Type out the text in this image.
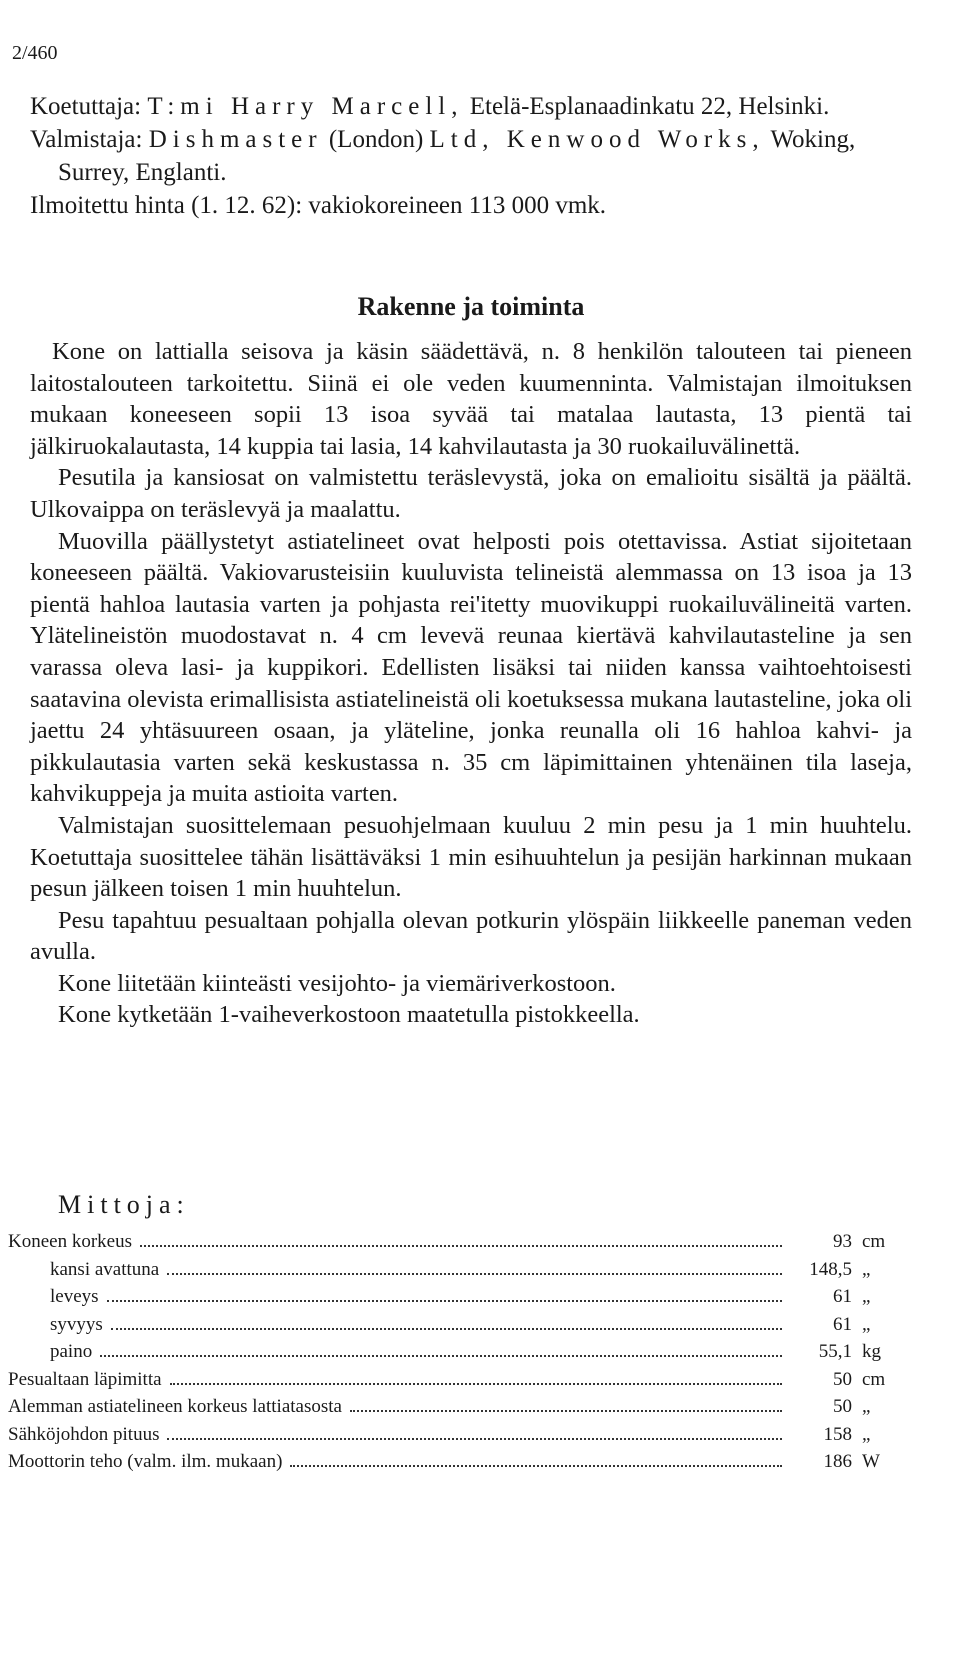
2/460

Koetuttaja: T:mi Harry Marcell, Etelä-Esplanaadinkatu 22, Helsinki.

Valmistaja: Dishmaster (London) Ltd, Kenwood Works, Woking, Surrey, Englanti.

Ilmoitettu hinta (1. 12. 62): vakiokoreineen 113 000 vmk.

Rakenne ja toiminta

Kone on lattialla seisova ja käsin säädettävä, n. 8 henkilön talouteen tai pieneen laitostalouteen tarkoitettu. Siinä ei ole veden kuumenninta. Valmistajan ilmoituksen mukaan koneeseen sopii 13 isoa syvää tai matalaa lautasta, 13 pientä tai jälkiruokalautasta, 14 kuppia tai lasia, 14 kahvilautasta ja 30 ruokailuvälinettä.

Pesutila ja kansiosat on valmistettu teräslevystä, joka on emalioitu sisältä ja päältä. Ulkovaippa on teräslevyä ja maalattu.

Muovilla päällystetyt astiatelineet ovat helposti pois otettavissa. Astiat sijoitetaan koneeseen päältä. Vakiovarusteisiin kuuluvista telineistä alemmassa on 13 isoa ja 13 pientä hahloa lautasia varten ja pohjasta rei'itetty muovikuppi ruokailuvälineitä varten. Ylätelineistön muodostavat n. 4 cm levevä reunaa kiertävä kahvilautasteline ja sen varassa oleva lasi- ja kuppikori. Edellisten lisäksi tai niiden kanssa vaihtoehtoisesti saatavina olevista erimallisista astiatelineistä oli koetuksessa mukana lautasteline, joka oli jaettu 24 yhtäsuureen osaan, ja yläteline, jonka reunalla oli 16 hahloa kahvi- ja pikkulautasia varten sekä keskustassa n. 35 cm läpimittainen yhtenäinen tila laseja, kahvikuppeja ja muita astioita varten.

Valmistajan suosittelemaan pesuohjelmaan kuuluu 2 min pesu ja 1 min huuhtelu. Koetuttaja suosittelee tähän lisättäväksi 1 min esihuuhtelun ja pesijän harkinnan mukaan pesun jälkeen toisen 1 min huuhtelun.

Pesu tapahtuu pesualtaan pohjalla olevan potkurin ylöspäin liikkeelle paneman veden avulla.

Kone liitetään kiinteästi vesijohto- ja viemäriverkostoon.

Kone kytketään 1-vaiheverkostoon maatetulla pistokkeella.

Mittoja:
Koneen korkeus	93 cm
kansi avattuna	148,5 „
leveys	61 „
syvyys	61 „
paino	55,1 kg
Pesualtaan läpimitta	50 cm
Alemman astiatelineen korkeus lattiatasosta	50 „
Sähköjohdon pituus	158 „
Moottorin teho (valm. ilm. mukaan)	186 W
